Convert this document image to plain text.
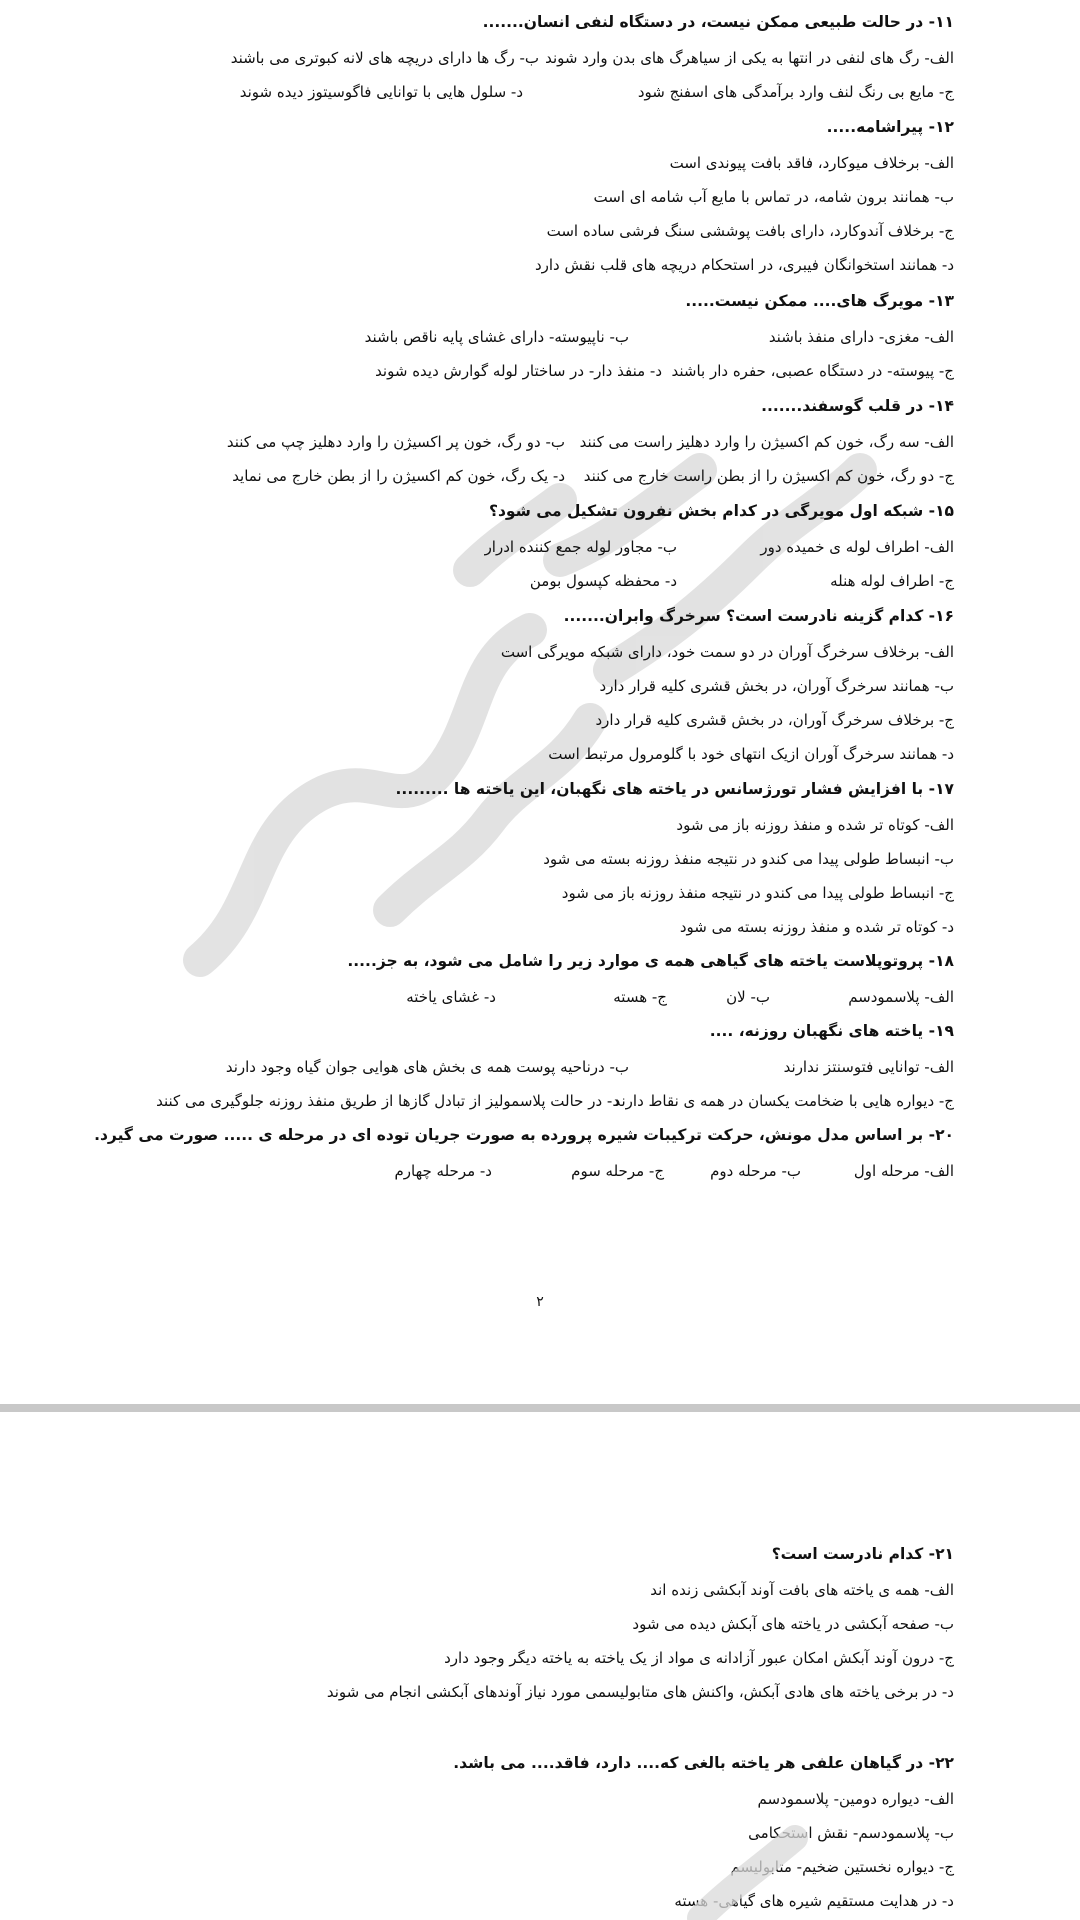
۱۱- در حالت طبیعی ممکن نیست، در دستگاه لنفی انسان.......
الف- رگ های لنفی در انتها به یکی از سیاهرگ های بدن وارد شوند
ب- رگ ها دارای دریچه های لانه کبوتری می باشند
ج- مایع بی رنگ لنف وارد برآمدگی های اسفنج شود
د- سلول هایی با توانایی فاگوسیتوز دیده شوند
۱۲- پیراشامه.....
الف- برخلاف میوکارد، فاقد بافت پیوندی است
ب- همانند برون شامه، در تماس با مایع آب شامه ای است
ج- برخلاف آندوکارد، دارای بافت پوششی سنگ فرشی ساده است
د- همانند استخوانگان فیبری، در استحکام دریچه های قلب نقش دارد
۱۳- مویرگ های.... ممکن نیست.....
الف- مغزی- دارای منفذ باشند
ب- ناپیوسته- دارای غشای پایه ناقص باشند
ج- پیوسته- در دستگاه عصبی، حفره دار باشند
د- منفذ دار- در ساختار لوله گوارش دیده شوند
۱۴- در قلب گوسفند.......
الف- سه رگ، خون کم اکسیژن را وارد دهلیز راست می کنند
ب- دو رگ، خون پر اکسیژن را وارد دهلیز چپ می کنند
ج- دو رگ، خون کم اکسیژن را از بطن راست خارج می کنند
د- یک رگ، خون کم اکسیژن را از بطن خارج می نماید
۱۵- شبکه اول مویرگی در کدام بخش نفرون تشکیل می شود؟
الف- اطراف لوله ی خمیده دور
ب- مجاور لوله جمع کننده ادرار
ج- اطراف لوله هنله
د- محفظه کپسول بومن
۱۶- کدام گزینه نادرست است؟ سرخرگ وابران.......
الف- برخلاف سرخرگ آوران در دو سمت خود، دارای شبکه مویرگی است
ب- همانند سرخرگ آوران، در بخش قشری کلیه قرار دارد
ج- برخلاف سرخرگ آوران، در بخش قشری کلیه قرار دارد
د- همانند سرخرگ آوران ازیک انتهای خود با گلومرول مرتبط است
۱۷- با افزایش فشار تورژسانس در یاخته های نگهبان، این یاخته ها .........
الف- کوتاه تر شده و منفذ روزنه باز می شود
ب- انبساط طولی پیدا می کندو در نتیجه منفذ روزنه بسته می شود
ج- انبساط طولی پیدا می کندو در نتیجه منفذ روزنه باز می شود
د- کوتاه تر شده و منفذ روزنه بسته می شود
۱۸- پروتوپلاست یاخته های گیاهی همه ی موارد زیر را شامل می شود، به جز.....
الف- پلاسمودسم
ب- لان
ج- هسته
د- غشای یاخته
۱۹- یاخته های نگهبان روزنه، ....
الف- توانایی فتوسنتز ندارند
ب- درناحیه پوست همه ی بخش های هوایی جوان گیاه وجود دارند
ج- دیواره هایی با ضخامت یکسان در همه ی نقاط دارند
د- در حالت پلاسمولیز از تبادل گازها از طریق منفذ روزنه جلوگیری می کنند
۲۰- بر اساس مدل مونش، حرکت ترکیبات شیره پرورده به صورت جریان توده ای در مرحله ی ..... صورت می گیرد.
الف- مرحله اول
ب- مرحله دوم
ج- مرحله سوم
د- مرحله چهارم
۲
۲۱- کدام نادرست است؟
الف- همه ی یاخته های بافت آوند آبکشی زنده اند
ب- صفحه آبکشی در یاخته های آبکش دیده می شود
ج- درون آوند آبکش امکان عبور آزادانه ی مواد از یک یاخته به یاخته دیگر وجود دارد
د- در برخی یاخته های هادی آبکش، واکنش های متابولیسمی مورد نیاز آوندهای آبکشی انجام می شوند
۲۲- در گیاهان علفی هر یاخته بالغی که.... دارد، فاقد.... می باشد.
الف- دیواره دومین- پلاسمودسم
ب- پلاسمودسم- نقش استحکامی
ج- دیواره نخستین ضخیم- متابولیسم
د- در هدایت مستقیم شیره های گیاهی- هسته
